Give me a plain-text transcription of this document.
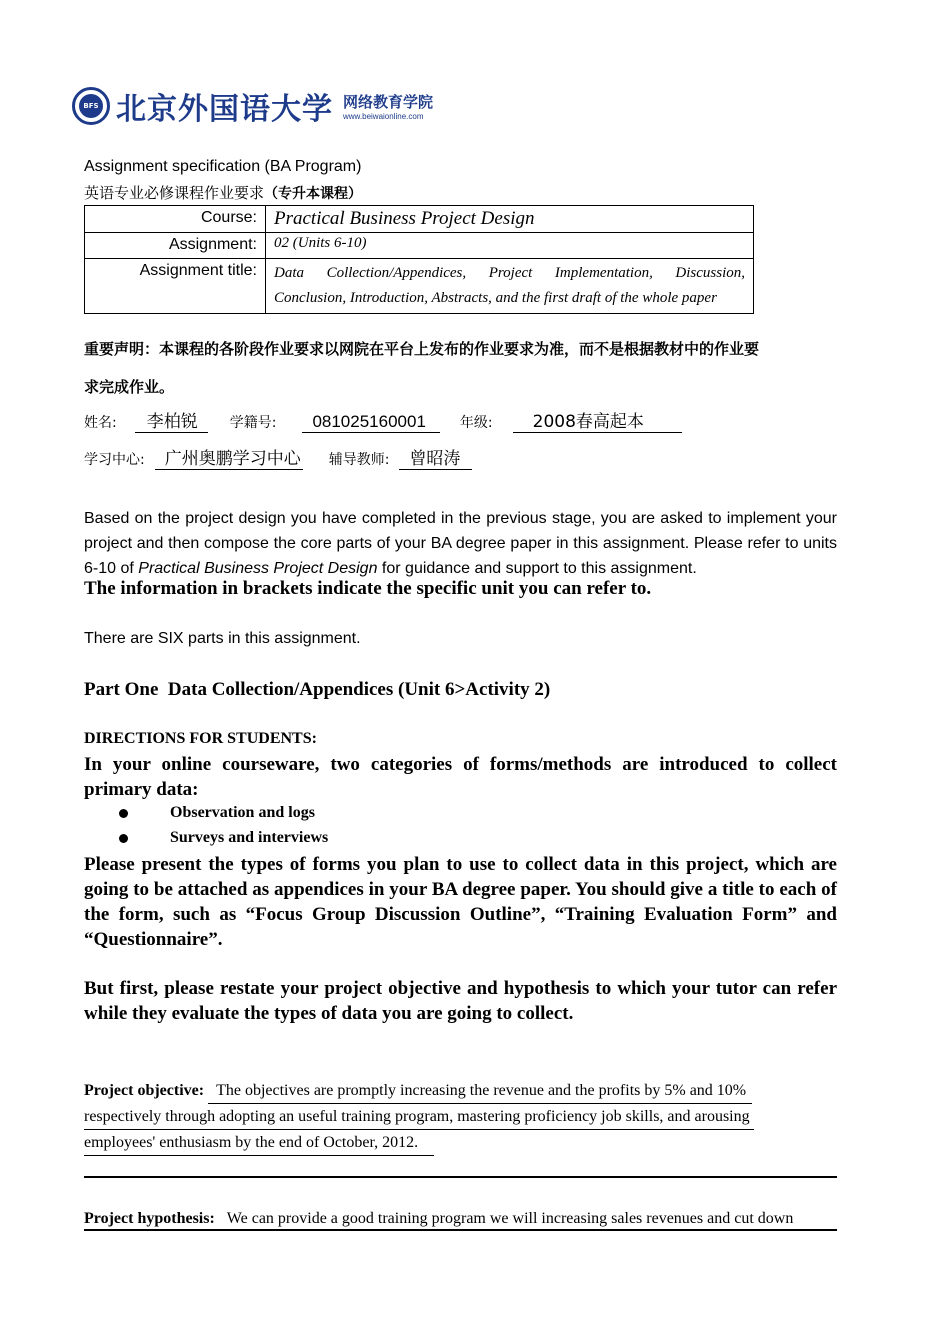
BFS 北京外国语大学 网络教育学院
www.beiwaionline.com
Assignment specification (BA Program)
英语专业必修课程作业要求（专升本课程）
Course:	Practical Business Project Design
Assignment:	02 (Units 6-10)
Assignment title:	Data Collection/Appendices, Project Implementation, Discussion, Conclusion, Introduction, Abstracts, and the first draft of the whole paper
重要声明：本课程的各阶段作业要求以网院在平台上发布的作业要求为准，而不是根据教材中的作业要
求完成作业。
姓名: 李柏锐 学籍号: 081025160001 年级: 2008春高起本
学习中心: 广州奥鹏学习中心 辅导教师: 曾昭涛
Based on the project design you have completed in the previous stage, you are asked to implement your project and then compose the core parts of your BA degree paper in this assignment. Please refer to units 6-10 of Practical Business Project Design for guidance and support to this assignment.
The information in brackets indicate the specific unit you can refer to.
There are SIX parts in this assignment.
Part One  Data Collection/Appendices (Unit 6>Activity 2)
DIRECTIONS FOR STUDENTS:
In your online courseware, two categories of forms/methods are introduced to collect primary data:
Observation and logs
Surveys and interviews
Please present the types of forms you plan to use to collect data in this project, which are going to be attached as appendices in your BA degree paper. You should give a title to each of the form, such as “Focus Group Discussion Outline”, “Training Evaluation Form” and “Questionnaire”.
But first, please restate your project objective and hypothesis to which your tutor can refer while they evaluate the types of data you are going to collect.
Project objective: The objectives are promptly increasing the revenue and the profits by 5% and 10%
respectively through adopting an useful training program, mastering proficiency job skills, and arousing
employees' enthusiasm by the end of October, 2012.
Project hypothesis: We can provide a good training program we will increasing sales revenues and cut down
